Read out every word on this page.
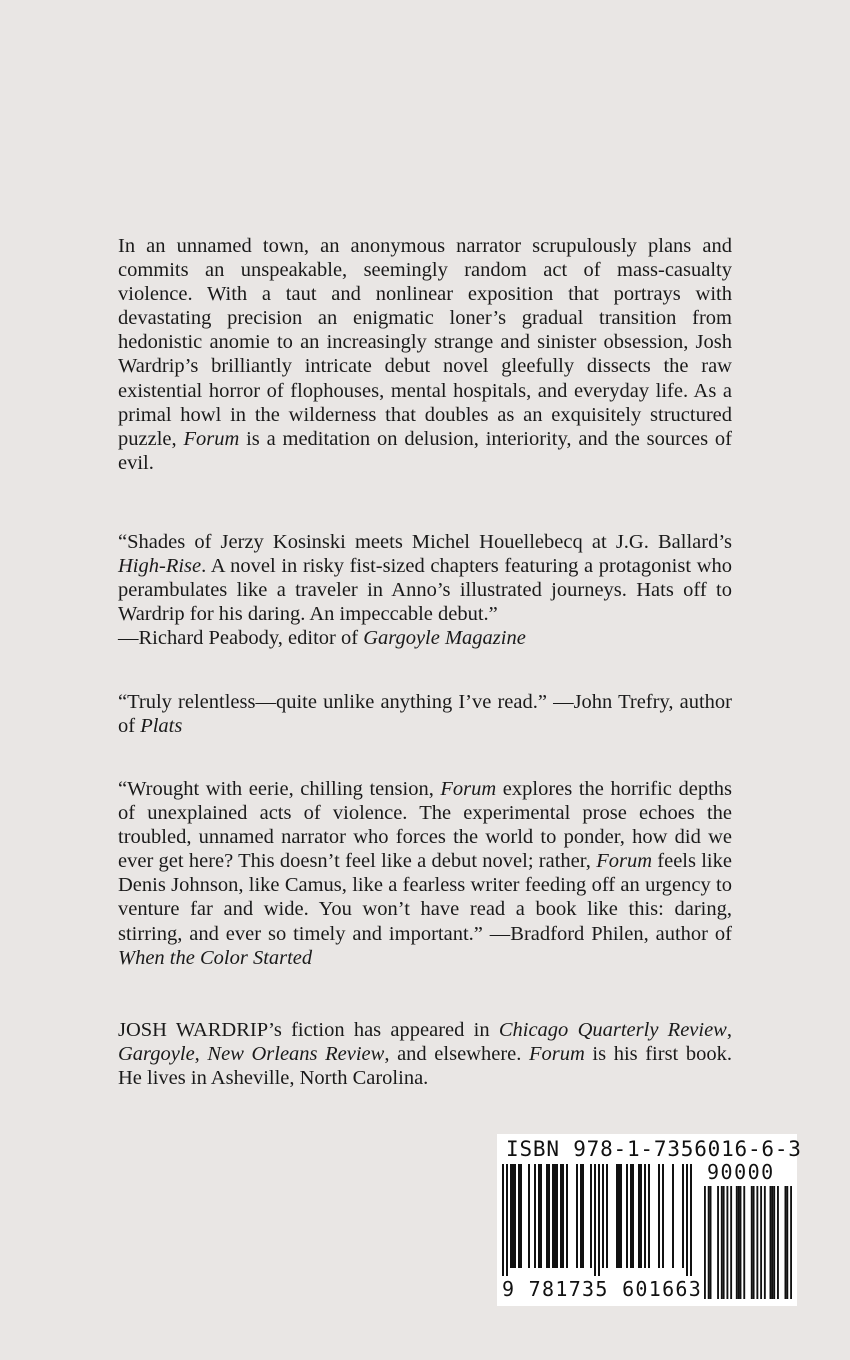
In an unnamed town, an anonymous narrator scrupulously plans and commits an unspeakable, seemingly random act of mass-casualty violence. With a taut and nonlinear exposition that portrays with devastating precision an enigmatic loner’s gradual transition from hedonistic anomie to an increasingly strange and sinister obsession, Josh Wardrip’s brilliantly intricate debut novel gleefully dissects the raw existential horror of flophouses, mental hospitals, and everyday life. As a primal howl in the wilderness that doubles as an exquisitely structured puzzle, Forum is a meditation on delusion, interiority, and the sources of evil.

“Shades of Jerzy Kosinski meets Michel Houellebecq at J.G. Ballard’s High-Rise. A novel in risky fist-sized chapters featuring a protagonist who perambulates like a traveler in Anno’s illustrated journeys. Hats off to Wardrip for his daring. An impeccable debut.”
—Richard Peabody, editor of Gargoyle Magazine

“Truly relentless—quite unlike anything I’ve read.” —John Trefry, author of Plats

“Wrought with eerie, chilling tension, Forum explores the horrific depths of unexplained acts of violence. The experimental prose echoes the troubled, unnamed narrator who forces the world to ponder, how did we ever get here? This doesn’t feel like a debut novel; rather, Forum feels like Denis Johnson, like Camus, like a fearless writer feeding off an urgency to venture far and wide. You won’t have read a book like this: daring, stirring, and ever so timely and important.” —Bradford Philen, author of When the Color Started

JOSH WARDRIP’s fiction has appeared in Chicago Quarterly Review, Gargoyle, New Orleans Review, and elsewhere. Forum is his first book. He lives in Asheville, North Carolina.

ISBN 978-1-7356016-6-3
90000
9 781735 601663
